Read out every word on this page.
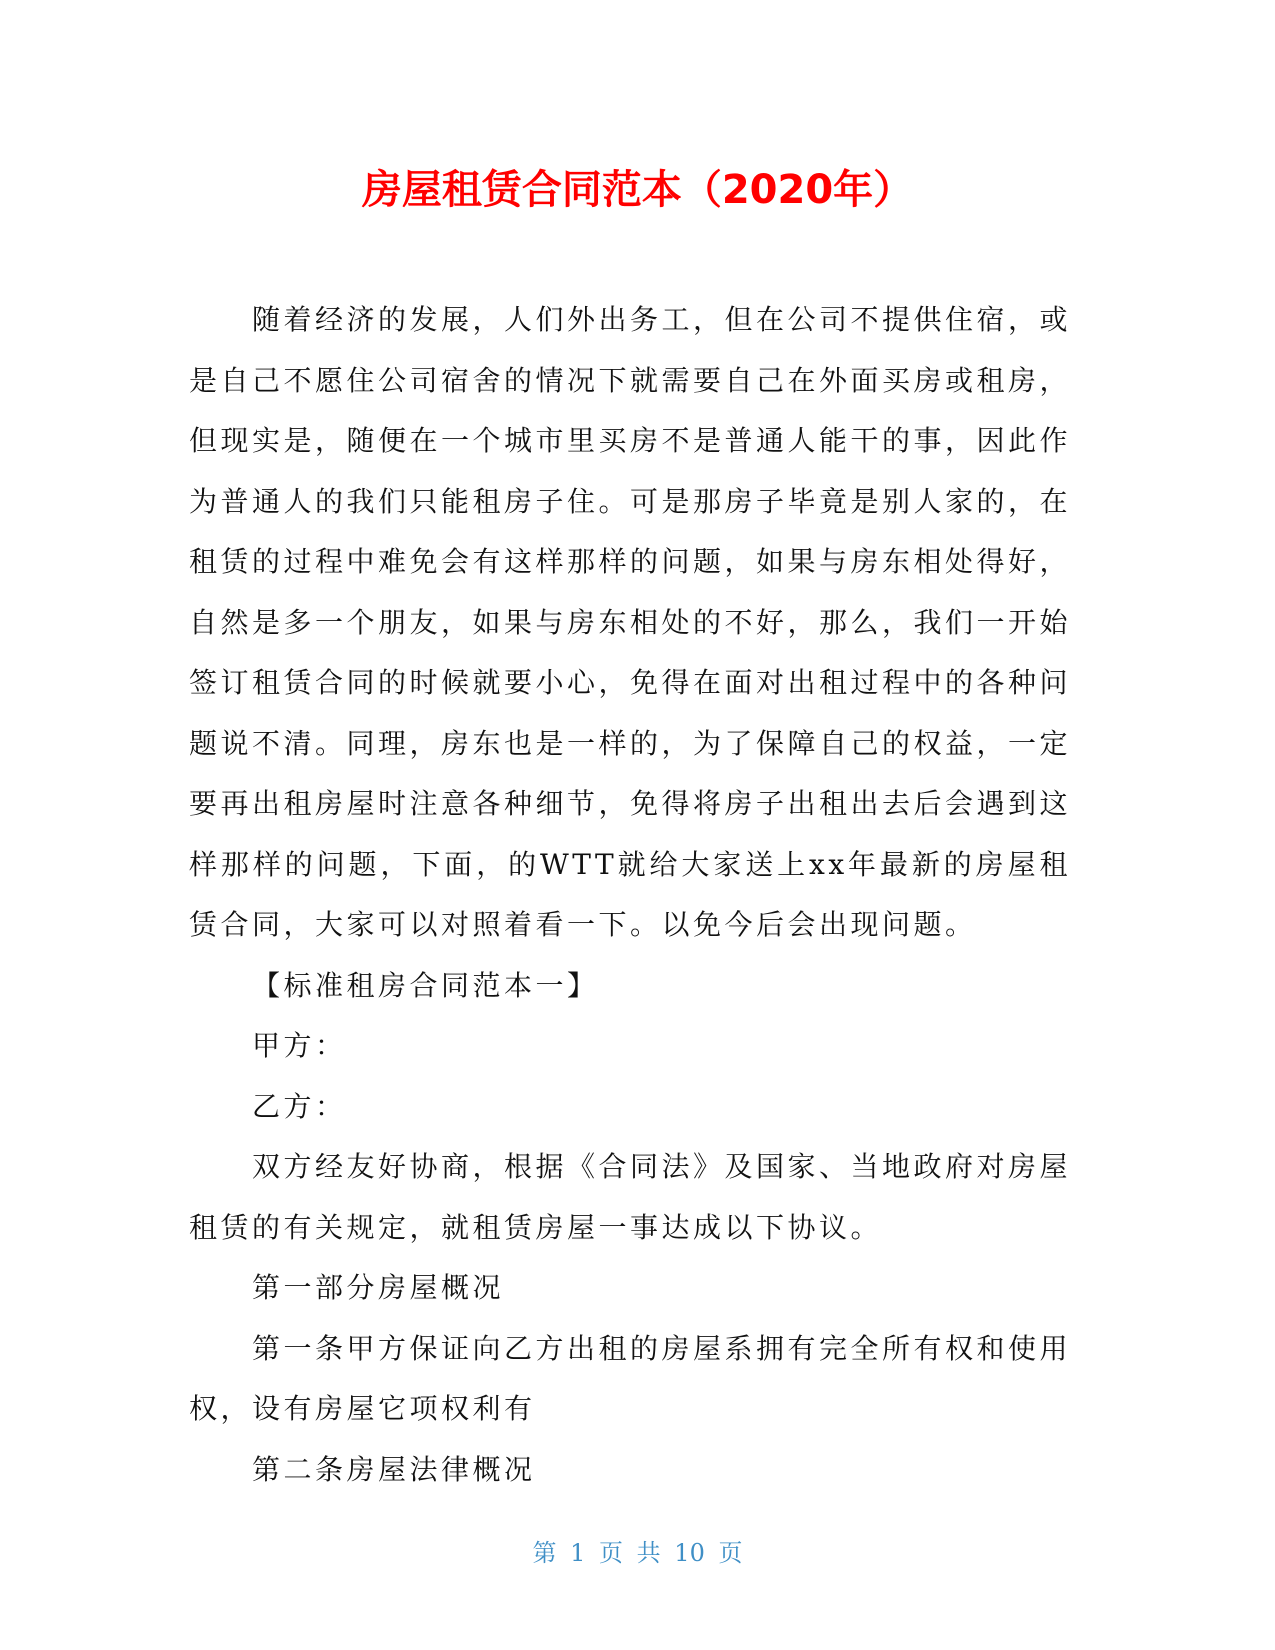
房屋租赁合同范本（2020年）

随着经济的发展，人们外出务工，但在公司不提供住宿，或是自己不愿住公司宿舍的情况下就需要自己在外面买房或租房，但现实是，随便在一个城市里买房不是普通人能干的事，因此作为普通人的我们只能租房子住。可是那房子毕竟是别人家的，在租赁的过程中难免会有这样那样的问题，如果与房东相处得好，自然是多一个朋友，如果与房东相处的不好，那么，我们一开始签订租赁合同的时候就要小心，免得在面对出租过程中的各种问题说不清。同理，房东也是一样的，为了保障自己的权益，一定要再出租房屋时注意各种细节，免得将房子出租出去后会遇到这样那样的问题，下面，的WTT就给大家送上xx年最新的房屋租赁合同，大家可以对照着看一下。以免今后会出现问题。

【标准租房合同范本一】

甲方：

乙方：

双方经友好协商，根据《合同法》及国家、当地政府对房屋租赁的有关规定，就租赁房屋一事达成以下协议。

第一部分房屋概况

第一条甲方保证向乙方出租的房屋系拥有完全所有权和使用权，设有房屋它项权利有

第二条房屋法律概况

第 1 页 共 10 页
